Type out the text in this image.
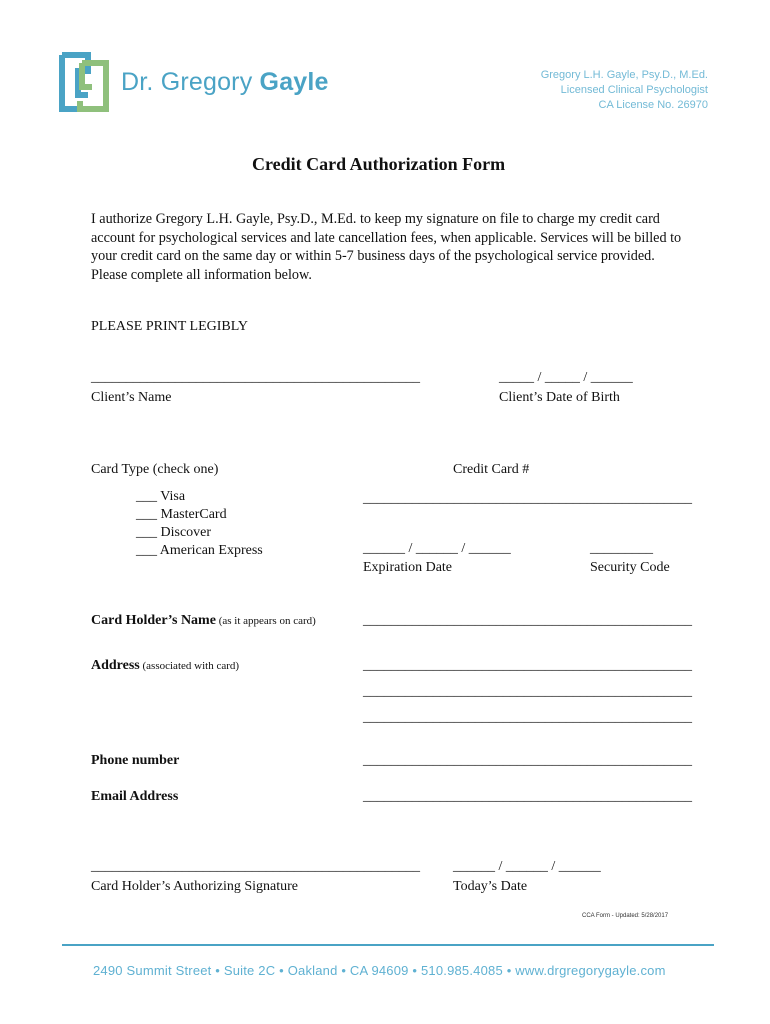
Dr. Gregory Gayle	Gregory L.H. Gayle, Psy.D., M.Ed.
Licensed Clinical Psychologist
CA License No. 26970
Credit Card Authorization Form
I authorize Gregory L.H. Gayle, Psy.D., M.Ed. to keep my signature on file to charge my credit card account for psychological services and late cancellation fees, when applicable. Services will be billed to your credit card on the same day or within 5-7 business days of the psychological service provided. Please complete all information below.
PLEASE PRINT LEGIBLY
_______________________________________________
Client’s Name
_____ / _____ / ______
Client’s Date of Birth
Card Type (check one)	Credit Card #
___ Visa
___ MasterCard
___ Discover
___ American Express
_______________________________________________
______ / ______ / ______
Expiration Date
_________
Security Code
Card Holder’s Name (as it appears on card)	_______________________________________________
Address (associated with card)	_______________________________________________
_______________________________________________
_______________________________________________
Phone number	_______________________________________________
Email Address	_______________________________________________
_______________________________________________
Card Holder’s Authorizing Signature
______ / ______ / ______
Today’s Date
CCA Form - Updated: 5/28/2017
2490 Summit Street • Suite 2C • Oakland • CA 94609 • 510.985.4085 • www.drgregorygayle.com
